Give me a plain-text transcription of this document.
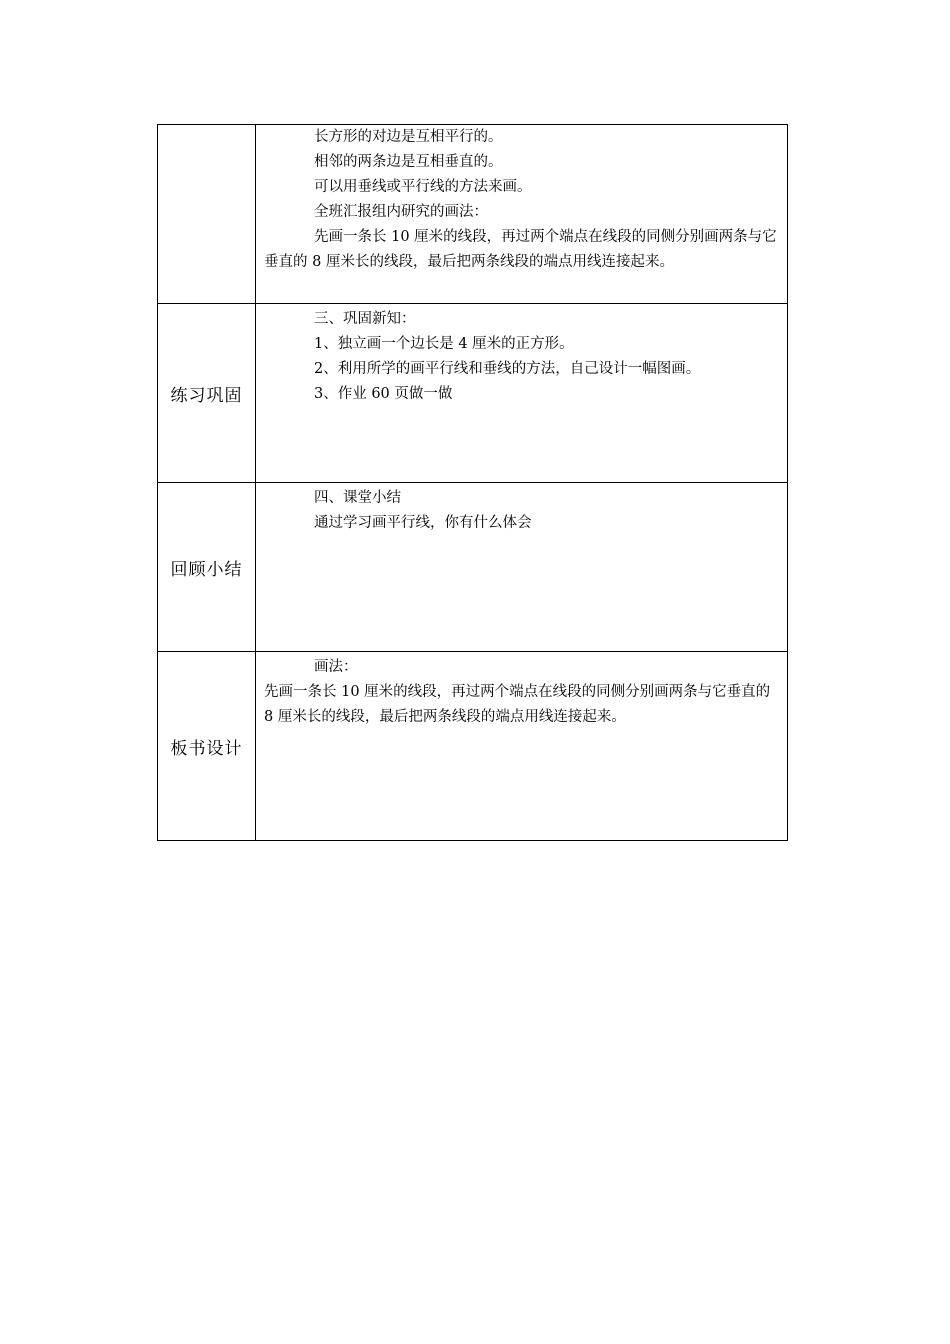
	长方形的对边是互相平行的。

相邻的两条边是互相垂直的。

可以用垂线或平行线的方法来画。

全班汇报组内研究的画法：

先画一条长 10 厘米的线段，再过两个端点在线段的同侧分别画两条与它垂直的 8 厘米长的线段，最后把两条线段的端点用线连接起来。

练习巩固	三、巩固新知：

1、独立画一个边长是 4 厘米的正方形。

2、利用所学的画平行线和垂线的方法，自己设计一幅图画。

3、作业 60 页做一做

回顾小结	四、课堂小结

通过学习画平行线，你有什么体会

板书设计	画法：

先画一条长 10 厘米的线段，再过两个端点在线段的同侧分别画两条与它垂直的 8 厘米长的线段，最后把两条线段的端点用线连接起来。
